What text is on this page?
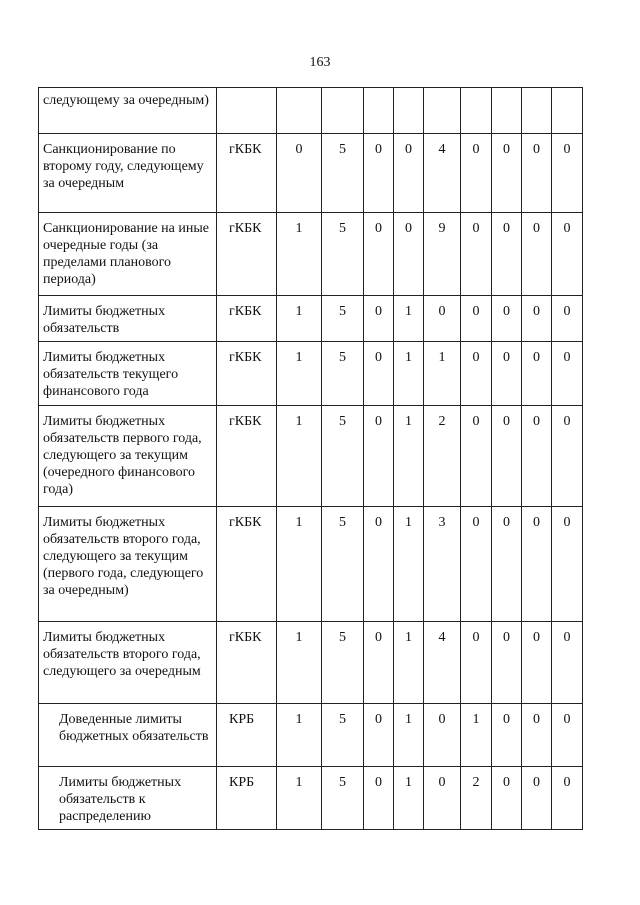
163
следующему за очередным)										
Санкционирование по второму году, следующему за очередным	гКБК	0	5	0	0	4	0	0	0	0
Санкционирование на иные очередные годы (за пределами планового периода)	гКБК	1	5	0	0	9	0	0	0	0
Лимиты бюджетных обязательств	гКБК	1	5	0	1	0	0	0	0	0
Лимиты бюджетных обязательств текущего финансового года	гКБК	1	5	0	1	1	0	0	0	0
Лимиты бюджетных обязательств первого года, следующего за текущим (очередного финансового года)	гКБК	1	5	0	1	2	0	0	0	0
Лимиты бюджетных обязательств второго года, следующего за текущим (первого года, следующего за очередным)	гКБК	1	5	0	1	3	0	0	0	0
Лимиты бюджетных обязательств второго года, следующего за очередным	гКБК	1	5	0	1	4	0	0	0	0
Доведенные лимиты бюджетных обязательств	КРБ	1	5	0	1	0	1	0	0	0
Лимиты бюджетных обязательств к распределению	КРБ	1	5	0	1	0	2	0	0	0
